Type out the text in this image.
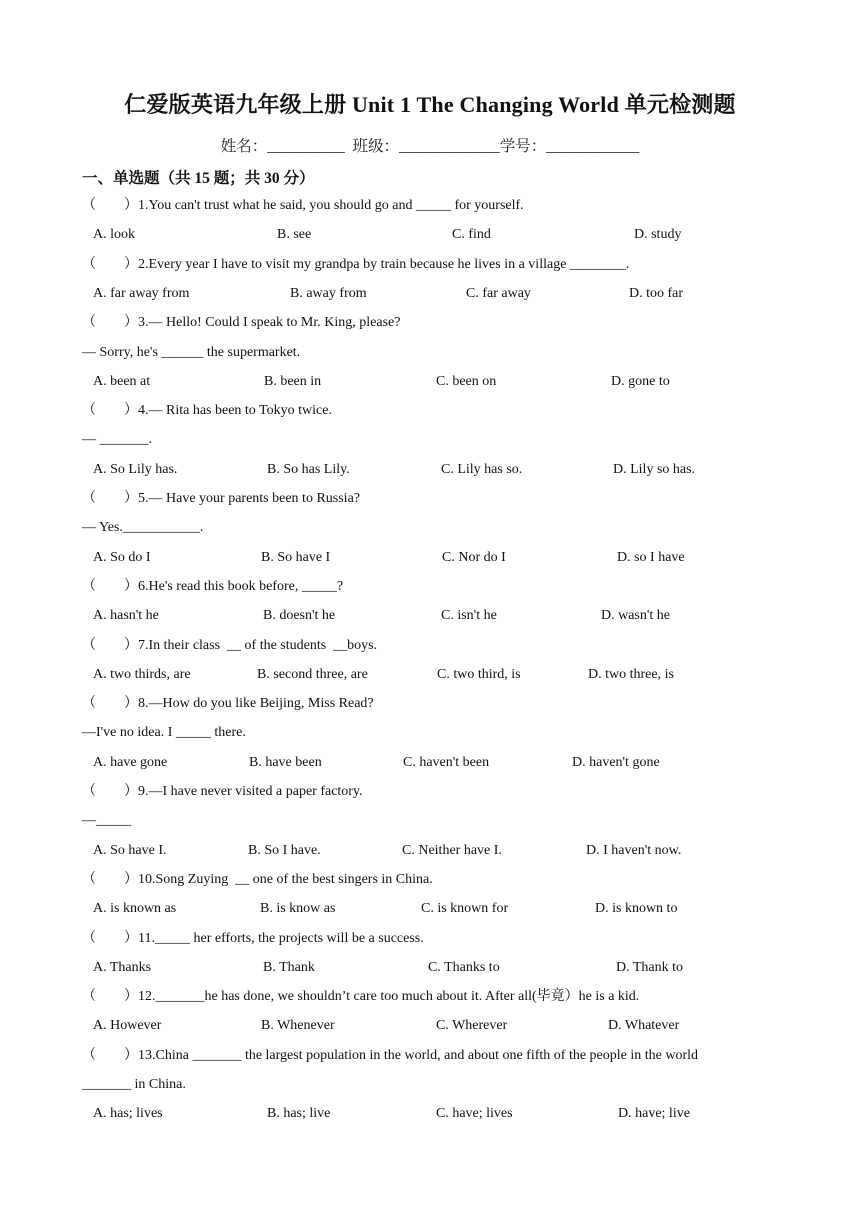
仁爱版英语九年级上册 Unit 1 The Changing World 单元检测题
姓名：__________  班级：_____________学号：____________
一、单选题（共 15 题；共 30 分）
（        ）1.You can't trust what he said, you should go and _____ for yourself.
A. look	B. see	C. find	D. study
（        ）2.Every year I have to visit my grandpa by train because he lives in a village ________.
A. far away from	B. away from	C. far away	D. too far
（        ）3.— Hello! Could I speak to Mr. King, please?
— Sorry, he's ______ the supermarket.
A. been at	B. been in	C. been on	D. gone to
（        ）4.— Rita has been to Tokyo twice.
— _______.
A. So Lily has.	B. So has Lily.	C. Lily has so.	D. Lily so has.
（        ）5.— Have your parents been to Russia?
— Yes.___________.
A. So do I	B. So have I	C. Nor do I	D. so I have
（        ）6.He's read this book before, _____?
A. hasn't he	B. doesn't he	C. isn't he	D. wasn't he
（        ）7.In their class  __ of the students  __boys.
A. two thirds, are	B. second three, are	C. two third, is	D. two three, is
（        ）8.—How do you like Beijing, Miss Read?
—I've no idea. I _____ there.
A. have gone	B. have been	C. haven't been	D. haven't gone
（        ）9.—I have never visited a paper factory.
—_____
A. So have I.	B. So I have.	C. Neither have I.	D. I haven't now.
（        ）10.Song Zuying  __ one of the best singers in China.
A. is known as	B. is know as	C. is known for	D. is known to
（        ）11._____ her efforts, the projects will be a success.
A. Thanks	B. Thank	C. Thanks to	D. Thank to
（        ）12._______he has done, we shouldn’t care too much about it. After all(毕竟）he is a kid.
A. However	B. Whenever	C. Wherever	D. Whatever
（        ）13.China _______ the largest population in the world, and about one fifth of the people in the world
_______ in China.
A. has; lives	B. has; live	C. have; lives	D. have; live
